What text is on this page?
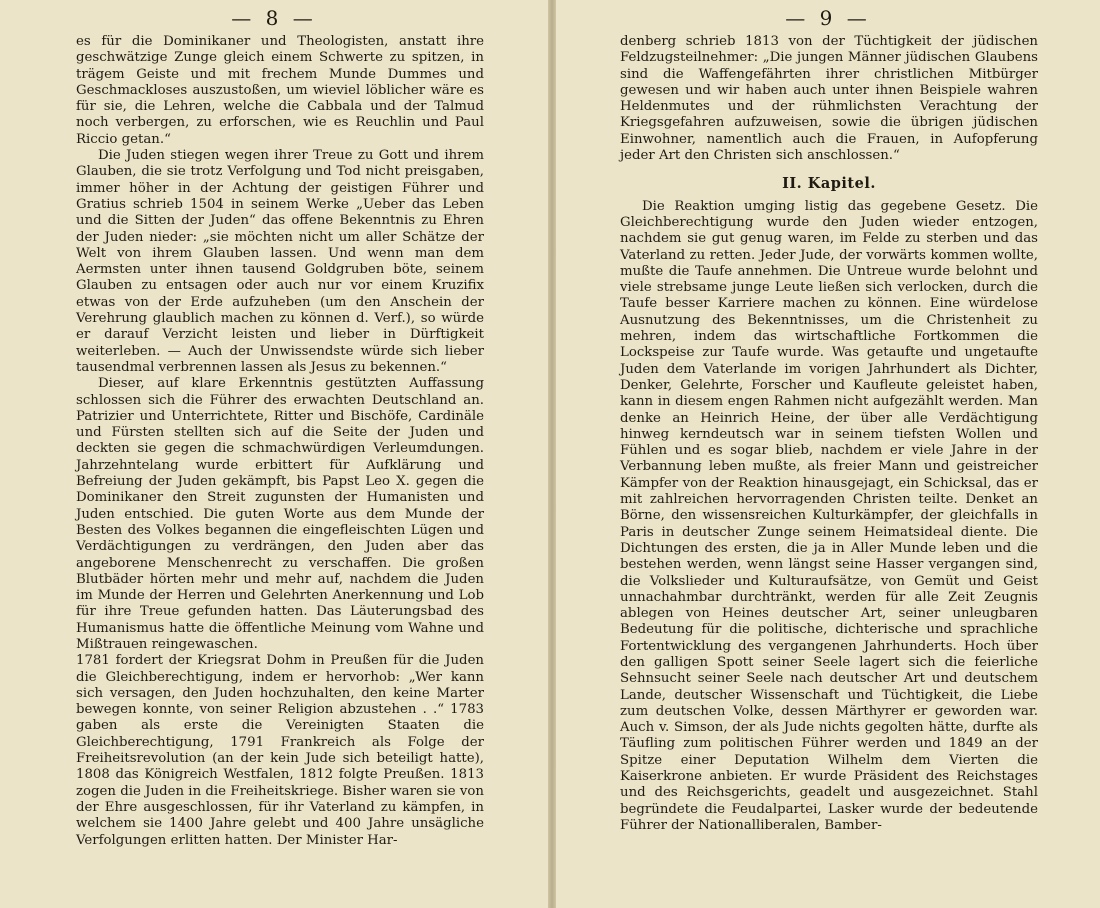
— 8 —

es für die Dominikaner und Theologisten, anstatt ihre geschwätzige Zunge gleich einem Schwerte zu spitzen, in trägem Geiste und mit frechem Munde Dummes und Geschmackloses auszustoßen, um wieviel löblicher wäre es für sie, die Lehren, welche die Cabbala und der Talmud noch verbergen, zu erforschen, wie es Reuchlin und Paul Riccio getan.“

Die Juden stiegen wegen ihrer Treue zu Gott und ihrem Glauben, die sie trotz Verfolgung und Tod nicht preisgaben, immer höher in der Achtung der geistigen Führer und Gratius schrieb 1504 in seinem Werke „Ueber das Leben und die Sitten der Juden“ das offene Bekenntnis zu Ehren der Juden nieder: „sie möchten nicht um aller Schätze der Welt von ihrem Glauben lassen. Und wenn man dem Aermsten unter ihnen tausend Goldgruben böte, seinem Glauben zu entsagen oder auch nur vor einem Kruzifix etwas von der Erde aufzuheben (um den Anschein der Verehrung glaublich machen zu können d. Verf.), so würde er darauf Verzicht leisten und lieber in Dürftigkeit weiterleben. — Auch der Unwissendste würde sich lieber tausendmal verbrennen lassen als Jesus zu bekennen.“

Dieser, auf klare Erkenntnis gestützten Auffassung schlossen sich die Führer des erwachten Deutschland an. Patrizier und Unterrichtete, Ritter und Bischöfe, Cardinäle und Fürsten stellten sich auf die Seite der Juden und deckten sie gegen die schmachwürdigen Verleumdungen. Jahrzehntelang wurde erbittert für Aufklärung und Befreiung der Juden gekämpft, bis Papst Leo X. gegen die Dominikaner den Streit zugunsten der Humanisten und Juden entschied. Die guten Worte aus dem Munde der Besten des Volkes begannen die eingefleischten Lügen und Verdächtigungen zu verdrängen, den Juden aber das angeborene Menschenrecht zu verschaffen. Die großen Blutbäder hörten mehr und mehr auf, nachdem die Juden im Munde der Herren und Gelehrten Anerkennung und Lob für ihre Treue gefunden hatten. Das Läuterungsbad des Humanismus hatte die öffentliche Meinung vom Wahne und Mißtrauen reingewaschen.

1781 fordert der Kriegsrat Dohm in Preußen für die Juden die Gleichberechtigung, indem er hervorhob: „Wer kann sich versagen, den Juden hochzuhalten, den keine Marter bewegen konnte, von seiner Religion abzustehen . .“ 1783 gaben als erste die Vereinigten Staaten die Gleichberechtigung, 1791 Frankreich als Folge der Freiheitsrevolution (an der kein Jude sich beteiligt hatte), 1808 das Königreich Westfalen, 1812 folgte Preußen. 1813 zogen die Juden in die Freiheitskriege. Bisher waren sie von der Ehre ausgeschlossen, für ihr Vaterland zu kämpfen, in welchem sie 1400 Jahre gelebt und 400 Jahre unsägliche Verfolgungen erlitten hatten. Der Minister Har-

— 9 —

denberg schrieb 1813 von der Tüchtigkeit der jüdischen Feldzugsteilnehmer: „Die jungen Männer jüdischen Glaubens sind die Waffengefährten ihrer christlichen Mitbürger gewesen und wir haben auch unter ihnen Beispiele wahren Heldenmutes und der rühmlichsten Verachtung der Kriegsgefahren aufzuweisen, sowie die übrigen jüdischen Einwohner, namentlich auch die Frauen, in Aufopferung jeder Art den Christen sich anschlossen.“

II. Kapitel.

Die Reaktion umging listig das gegebene Gesetz. Die Gleichberechtigung wurde den Juden wieder entzogen, nachdem sie gut genug waren, im Felde zu sterben und das Vaterland zu retten. Jeder Jude, der vorwärts kommen wollte, mußte die Taufe annehmen. Die Untreue wurde belohnt und viele strebsame junge Leute ließen sich verlocken, durch die Taufe besser Karriere machen zu können. Eine würdelose Ausnutzung des Bekenntnisses, um die Christenheit zu mehren, indem das wirtschaftliche Fortkommen die Lockspeise zur Taufe wurde. Was getaufte und ungetaufte Juden dem Vaterlande im vorigen Jahrhundert als Dichter, Denker, Gelehrte, Forscher und Kaufleute geleistet haben, kann in diesem engen Rahmen nicht aufgezählt werden. Man denke an Heinrich Heine, der über alle Verdächtigung hinweg kerndeutsch war in seinem tiefsten Wollen und Fühlen und es sogar blieb, nachdem er viele Jahre in der Verbannung leben mußte, als freier Mann und geistreicher Kämpfer von der Reaktion hinausgejagt, ein Schicksal, das er mit zahlreichen hervorragenden Christen teilte. Denket an Börne, den wissensreichen Kulturkämpfer, der gleichfalls in Paris in deutscher Zunge seinem Heimatsideal diente. Die Dichtungen des ersten, die ja in Aller Munde leben und die bestehen werden, wenn längst seine Hasser vergangen sind, die Volkslieder und Kulturaufsätze, von Gemüt und Geist unnachahmbar durchtränkt, werden für alle Zeit Zeugnis ablegen von Heines deutscher Art, seiner unleugbaren Bedeutung für die politische, dichterische und sprachliche Fortentwicklung des vergangenen Jahrhunderts. Hoch über den galligen Spott seiner Seele lagert sich die feierliche Sehnsucht seiner Seele nach deutscher Art und deutschem Lande, deutscher Wissenschaft und Tüchtigkeit, die Liebe zum deutschen Volke, dessen Märthyrer er geworden war. Auch v. Simson, der als Jude nichts gegolten hätte, durfte als Täufling zum politischen Führer werden und 1849 an der Spitze einer Deputation Wilhelm dem Vierten die Kaiserkrone anbieten. Er wurde Präsident des Reichstages und des Reichsgerichts, geadelt und ausgezeichnet. Stahl begründete die Feudalpartei, Lasker wurde der bedeutende Führer der Nationalliberalen, Bamber-
